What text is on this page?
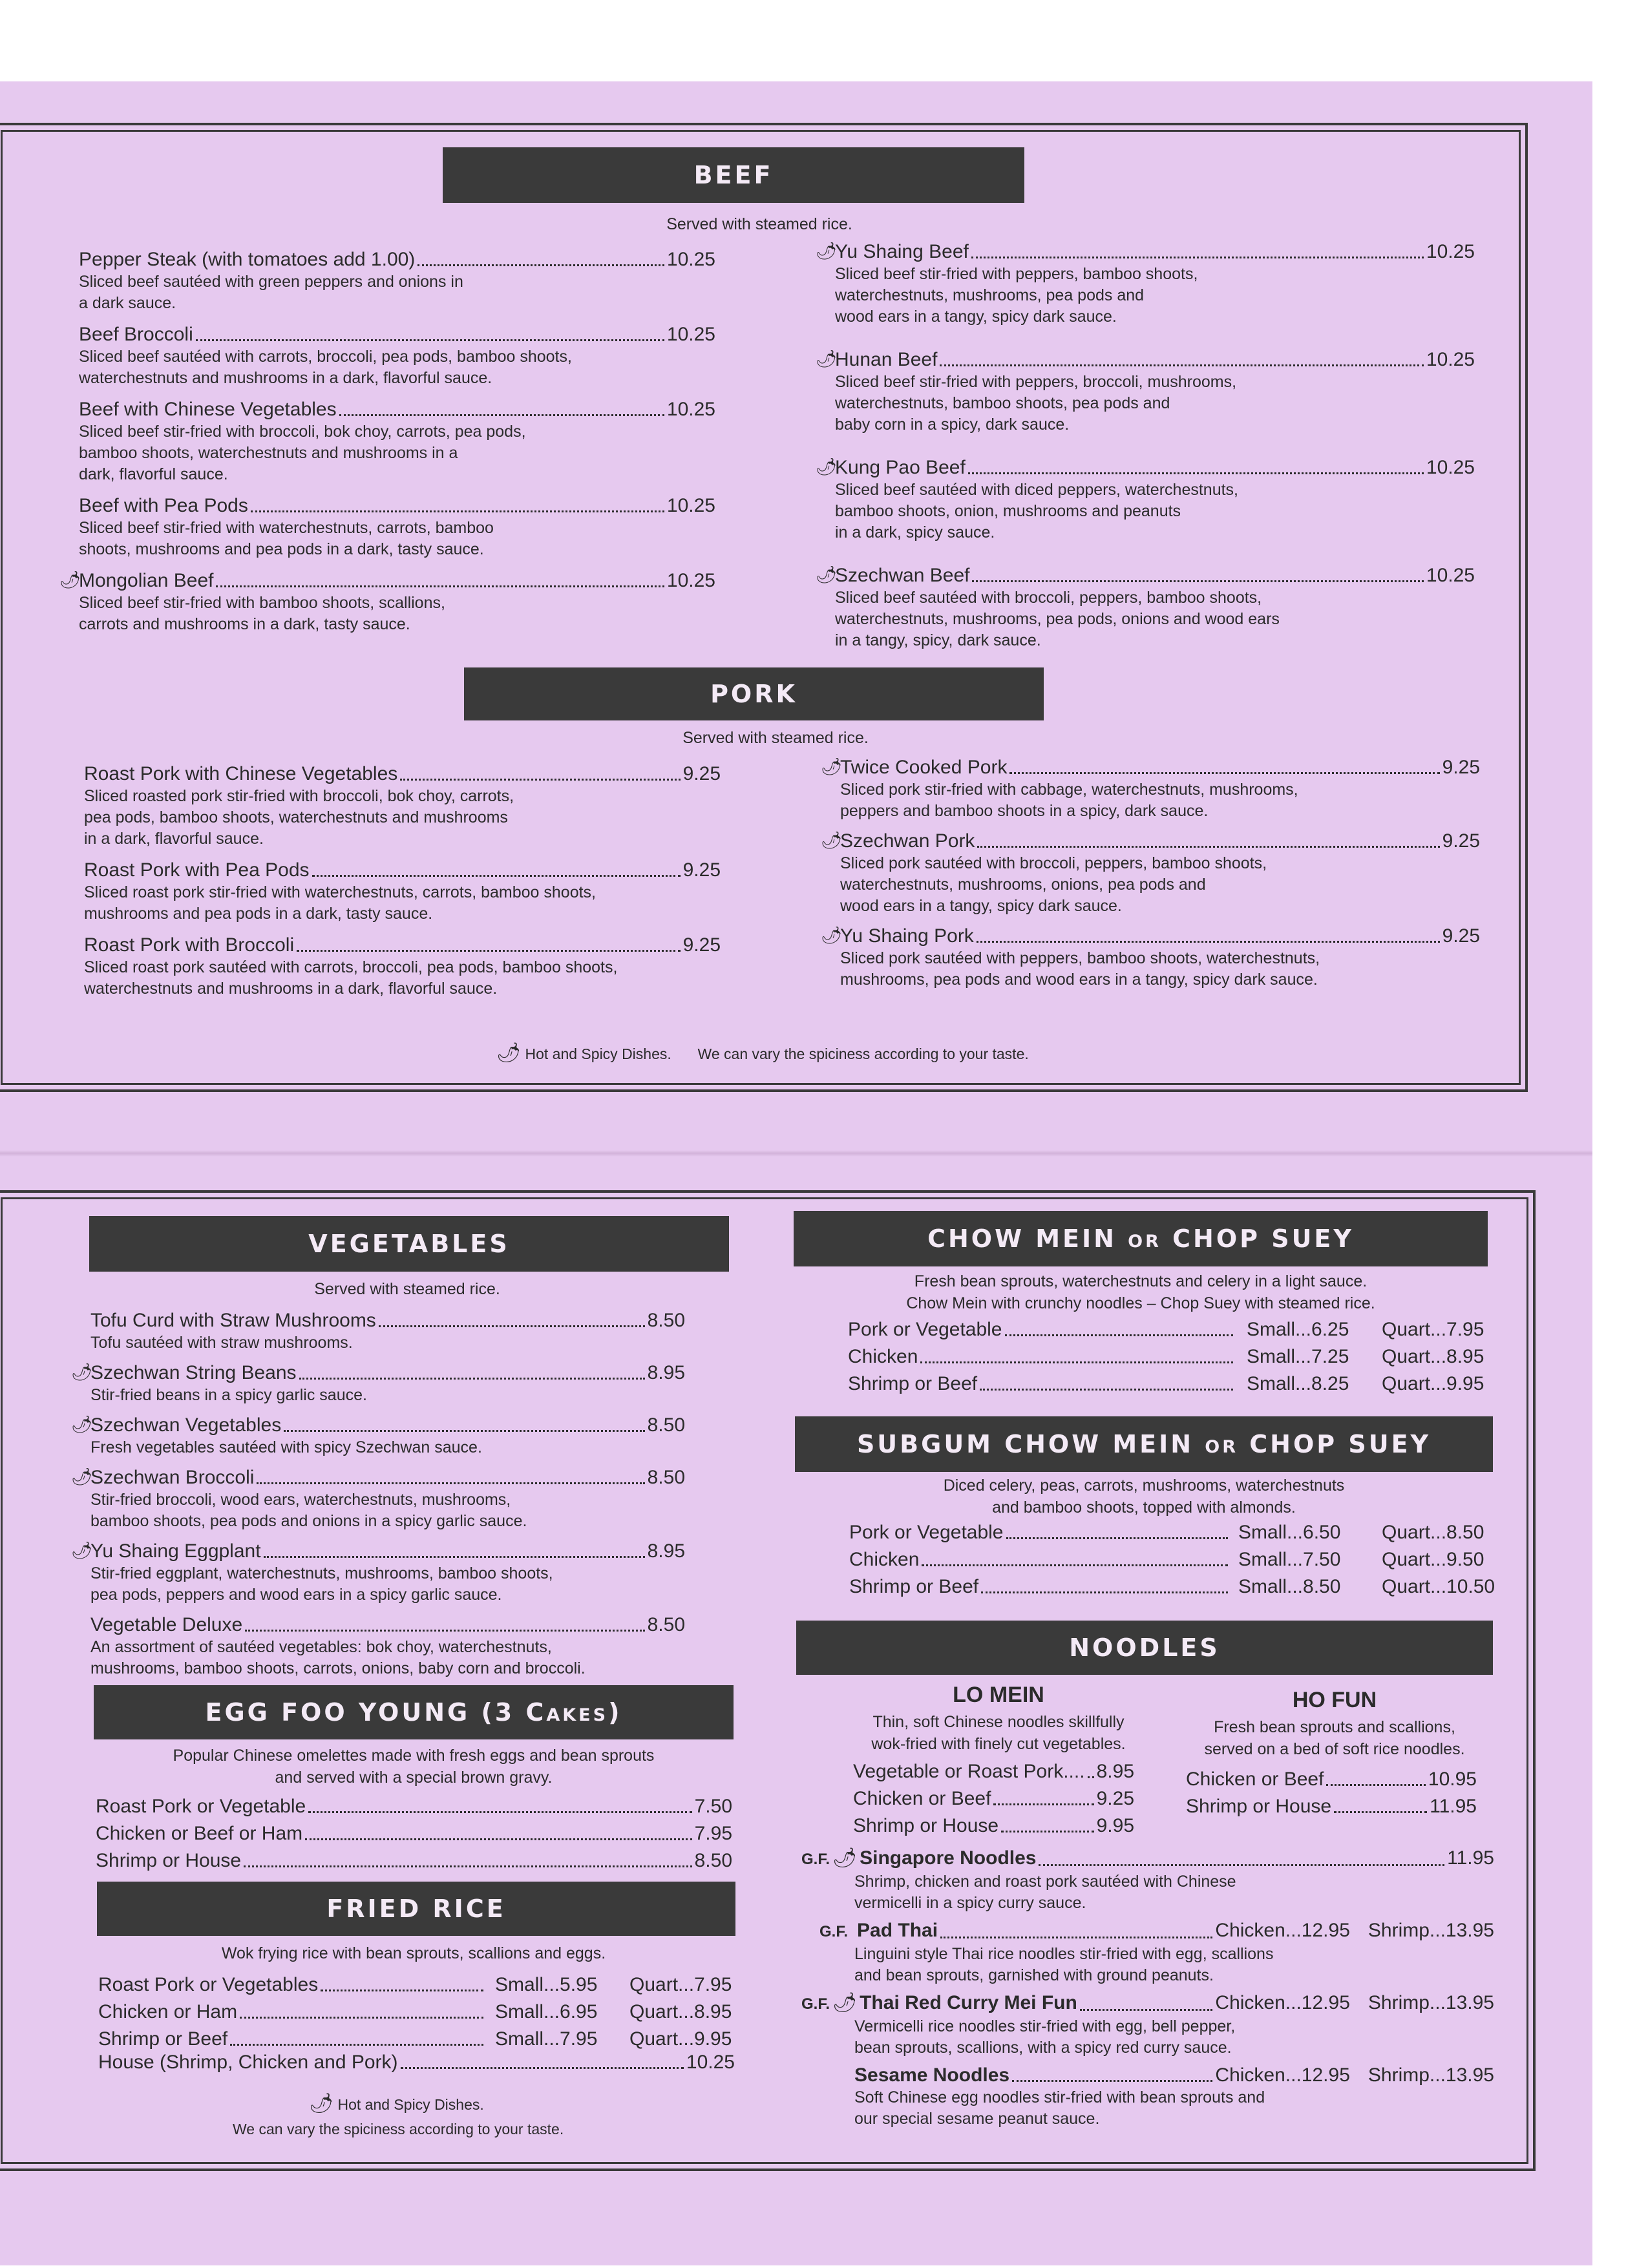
BEEF
Served with steamed rice.
Pepper Steak (with tomatoes add 1.00)	10.25
Sliced beef sautéed with green peppers and onions in
a dark sauce.
Beef Broccoli	10.25
Sliced beef sautéed with carrots, broccoli, pea pods, bamboo shoots,
waterchestnuts and mushrooms in a dark, flavorful sauce.
Beef with Chinese Vegetables	10.25
Sliced beef stir-fried with broccoli, bok choy, carrots, pea pods,
bamboo shoots, waterchestnuts and mushrooms in a
dark, flavorful sauce.
Beef with Pea Pods	10.25
Sliced beef stir-fried with waterchestnuts, carrots, bamboo
shoots, mushrooms and pea pods in a dark, tasty sauce.
🌶
Mongolian Beef	10.25
Sliced beef stir-fried with bamboo shoots, scallions,
carrots and mushrooms in a dark, tasty sauce.
🌶
Yu Shaing Beef	10.25
Sliced beef stir-fried with peppers, bamboo shoots,
waterchestnuts, mushrooms, pea pods and
wood ears in a tangy, spicy dark sauce.
🌶
Hunan Beef	10.25
Sliced beef stir-fried with peppers, broccoli, mushrooms,
waterchestnuts, bamboo shoots, pea pods and
baby corn in a spicy, dark sauce.
🌶
Kung Pao Beef	10.25
Sliced beef sautéed with diced peppers, waterchestnuts,
bamboo shoots, onion, mushrooms and peanuts
in a dark, spicy sauce.
🌶
Szechwan Beef	10.25
Sliced beef sautéed with broccoli, peppers, bamboo shoots,
waterchestnuts, mushrooms, pea pods, onions and wood ears
in a tangy, spicy, dark sauce.
PORK
Served with steamed rice.
Roast Pork with Chinese Vegetables	9.25
Sliced roasted pork stir-fried with broccoli, bok choy, carrots,
pea pods, bamboo shoots, waterchestnuts and mushrooms
in a dark, flavorful sauce.
Roast Pork with Pea Pods	9.25
Sliced roast pork stir-fried with waterchestnuts, carrots, bamboo shoots,
mushrooms and pea pods in a dark, tasty sauce.
Roast Pork with Broccoli	9.25
Sliced roast pork sautéed with carrots, broccoli, pea pods, bamboo shoots,
waterchestnuts and mushrooms in a dark, flavorful sauce.
🌶
Twice Cooked Pork	9.25
Sliced pork stir-fried with cabbage, waterchestnuts, mushrooms,
peppers and bamboo shoots in a spicy, dark sauce.
🌶
Szechwan Pork	9.25
Sliced pork sautéed with broccoli, peppers, bamboo shoots,
waterchestnuts, mushrooms, onions, pea pods and
wood ears in a tangy, spicy dark sauce.
🌶
Yu Shaing Pork	9.25
Sliced pork sautéed with peppers, bamboo shoots, waterchestnuts,
mushrooms, pea pods and wood ears in a tangy, spicy dark sauce.
🌶 Hot and Spicy Dishes. We can vary the spiciness according to your taste.
VEGETABLES
Served with steamed rice.
Tofu Curd with Straw Mushrooms	8.50
Tofu sautéed with straw mushrooms.
🌶
Szechwan String Beans	8.95
Stir-fried beans in a spicy garlic sauce.
🌶
Szechwan Vegetables	8.50
Fresh vegetables sautéed with spicy Szechwan sauce.
🌶
Szechwan Broccoli	8.50
Stir-fried broccoli, wood ears, waterchestnuts, mushrooms,
bamboo shoots, pea pods and onions in a spicy garlic sauce.
🌶
Yu Shaing Eggplant	8.95
Stir-fried eggplant, waterchestnuts, mushrooms, bamboo shoots,
pea pods, peppers and wood ears in a spicy garlic sauce.
Vegetable Deluxe	8.50
An assortment of sautéed vegetables: bok choy, waterchestnuts,
mushrooms, bamboo shoots, carrots, onions, baby corn and broccoli.
EGG FOO YOUNG (3 Cakes)
Popular Chinese omelettes made with fresh eggs and bean sprouts
and served with a special brown gravy.
Roast Pork or Vegetable	7.50
Chicken or Beef or Ham	7.95
Shrimp or House	8.50
FRIED RICE
Wok frying rice with bean sprouts, scallions and eggs.
Roast Pork or Vegetables	Small...5.95 Quart...7.95
Chicken or Ham	Small...6.95 Quart...8.95
Shrimp or Beef	Small...7.95 Quart...9.95
House (Shrimp, Chicken and Pork)	10.25
🌶 Hot and Spicy Dishes.
We can vary the spiciness according to your taste.
CHOW MEIN or CHOP SUEY
Fresh bean sprouts, waterchestnuts and celery in a light sauce.
Chow Mein with crunchy noodles – Chop Suey with steamed rice.
Pork or Vegetable	Small...6.25 Quart...7.95
Chicken	Small...7.25 Quart...8.95
Shrimp or Beef	Small...8.25 Quart...9.95
SUBGUM CHOW MEIN or CHOP SUEY
Diced celery, peas, carrots, mushrooms, waterchestnuts
and bamboo shoots, topped with almonds.
Pork or Vegetable	Small...6.50 Quart...8.50
Chicken	Small...7.50 Quart...9.50
Shrimp or Beef	Small...8.50 Quart...10.50
NOODLES
LO MEIN
Thin, soft Chinese noodles skillfully
wok-fried with finely cut vegetables.
Vegetable or Roast Pork.... 8.95
Chicken or Beef	9.25
Shrimp or House	9.95
HO FUN
Fresh bean sprouts and scallions,
served on a bed of soft rice noodles.
Chicken or Beef	10.95
Shrimp or House	11.95
G.F. 🌶 Singapore Noodles	11.95
Shrimp, chicken and roast pork sautéed with Chinese
vermicelli in a spicy curry sauce.
G.F. Pad Thai	Chicken...12.95 Shrimp...13.95
Linguini style Thai rice noodles stir-fried with egg, scallions
and bean sprouts, garnished with ground peanuts.
G.F. 🌶 Thai Red Curry Mei Fun	Chicken...12.95 Shrimp...13.95
Vermicelli rice noodles stir-fried with egg, bell pepper,
bean sprouts, scallions, with a spicy red curry sauce.
Sesame Noodles	Chicken...12.95 Shrimp...13.95
Soft Chinese egg noodles stir-fried with bean sprouts and
our special sesame peanut sauce.
